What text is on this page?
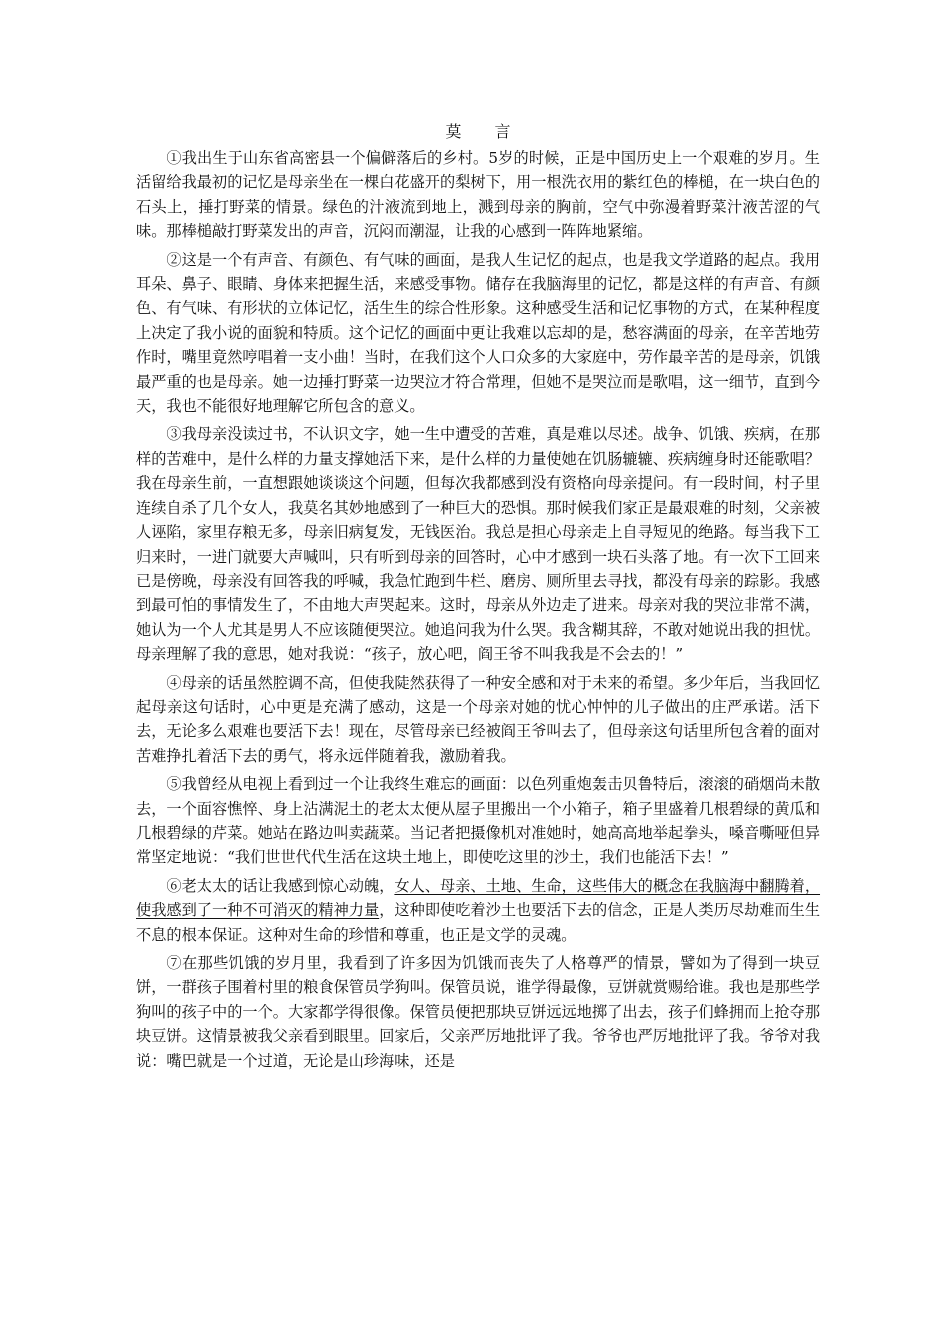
莫 言

①我出生于山东省高密县一个偏僻落后的乡村。5岁的时候，正是中国历史上一个艰难的岁月。生活留给我最初的记忆是母亲坐在一棵白花盛开的梨树下，用一根洗衣用的紫红色的棒槌，在一块白色的石头上，捶打野菜的情景。绿色的汁液流到地上，溅到母亲的胸前，空气中弥漫着野菜汁液苦涩的气味。那棒槌敲打野菜发出的声音，沉闷而潮湿，让我的心感到一阵阵地紧缩。

②这是一个有声音、有颜色、有气味的画面，是我人生记忆的起点，也是我文学道路的起点。我用耳朵、鼻子、眼睛、身体来把握生活，来感受事物。储存在我脑海里的记忆，都是这样的有声音、有颜色、有气味、有形状的立体记忆，活生生的综合性形象。这种感受生活和记忆事物的方式，在某种程度上决定了我小说的面貌和特质。这个记忆的画面中更让我难以忘却的是，愁容满面的母亲，在辛苦地劳作时，嘴里竟然哼唱着一支小曲！当时，在我们这个人口众多的大家庭中，劳作最辛苦的是母亲，饥饿最严重的也是母亲。她一边捶打野菜一边哭泣才符合常理，但她不是哭泣而是歌唱，这一细节，直到今天，我也不能很好地理解它所包含的意义。

③我母亲没读过书，不认识文字，她一生中遭受的苦难，真是难以尽述。战争、饥饿、疾病，在那样的苦难中，是什么样的力量支撑她活下来，是什么样的力量使她在饥肠辘辘、疾病缠身时还能歌唱？我在母亲生前，一直想跟她谈谈这个问题，但每次我都感到没有资格向母亲提问。有一段时间，村子里连续自杀了几个女人，我莫名其妙地感到了一种巨大的恐惧。那时候我们家正是最艰难的时刻，父亲被人诬陷，家里存粮无多，母亲旧病复发，无钱医治。我总是担心母亲走上自寻短见的绝路。每当我下工归来时，一进门就要大声喊叫，只有听到母亲的回答时，心中才感到一块石头落了地。有一次下工回来已是傍晚，母亲没有回答我的呼喊，我急忙跑到牛栏、磨房、厕所里去寻找，都没有母亲的踪影。我感到最可怕的事情发生了，不由地大声哭起来。这时，母亲从外边走了进来。母亲对我的哭泣非常不满，她认为一个人尤其是男人不应该随便哭泣。她追问我为什么哭。我含糊其辞，不敢对她说出我的担忧。母亲理解了我的意思，她对我说：“孩子，放心吧，阎王爷不叫我我是不会去的！”

④母亲的话虽然腔调不高，但使我陡然获得了一种安全感和对于未来的希望。多少年后，当我回忆起母亲这句话时，心中更是充满了感动，这是一个母亲对她的忧心忡忡的儿子做出的庄严承诺。活下去，无论多么艰难也要活下去！现在，尽管母亲已经被阎王爷叫去了，但母亲这句话里所包含着的面对苦难挣扎着活下去的勇气，将永远伴随着我，激励着我。

⑤我曾经从电视上看到过一个让我终生难忘的画面：以色列重炮轰击贝鲁特后，滚滚的硝烟尚未散去，一个面容憔悴、身上沾满泥土的老太太便从屋子里搬出一个小箱子，箱子里盛着几根碧绿的黄瓜和几根碧绿的芹菜。她站在路边叫卖蔬菜。当记者把摄像机对准她时，她高高地举起拳头，嗓音嘶哑但异常坚定地说：“我们世世代代生活在这块土地上，即使吃这里的沙土，我们也能活下去！”

⑥老太太的话让我感到惊心动魄，女人、母亲、土地、生命，这些伟大的概念在我脑海中翻腾着，使我感到了一种不可消灭的精神力量，这种即使吃着沙土也要活下去的信念，正是人类历尽劫难而生生不息的根本保证。这种对生命的珍惜和尊重，也正是文学的灵魂。

⑦在那些饥饿的岁月里，我看到了许多因为饥饿而丧失了人格尊严的情景，譬如为了得到一块豆饼，一群孩子围着村里的粮食保管员学狗叫。保管员说，谁学得最像，豆饼就赏赐给谁。我也是那些学狗叫的孩子中的一个。大家都学得很像。保管员便把那块豆饼远远地掷了出去，孩子们蜂拥而上抢夺那块豆饼。这情景被我父亲看到眼里。回家后，父亲严厉地批评了我。爷爷也严厉地批评了我。爷爷对我说：嘴巴就是一个过道，无论是山珍海味，还是
